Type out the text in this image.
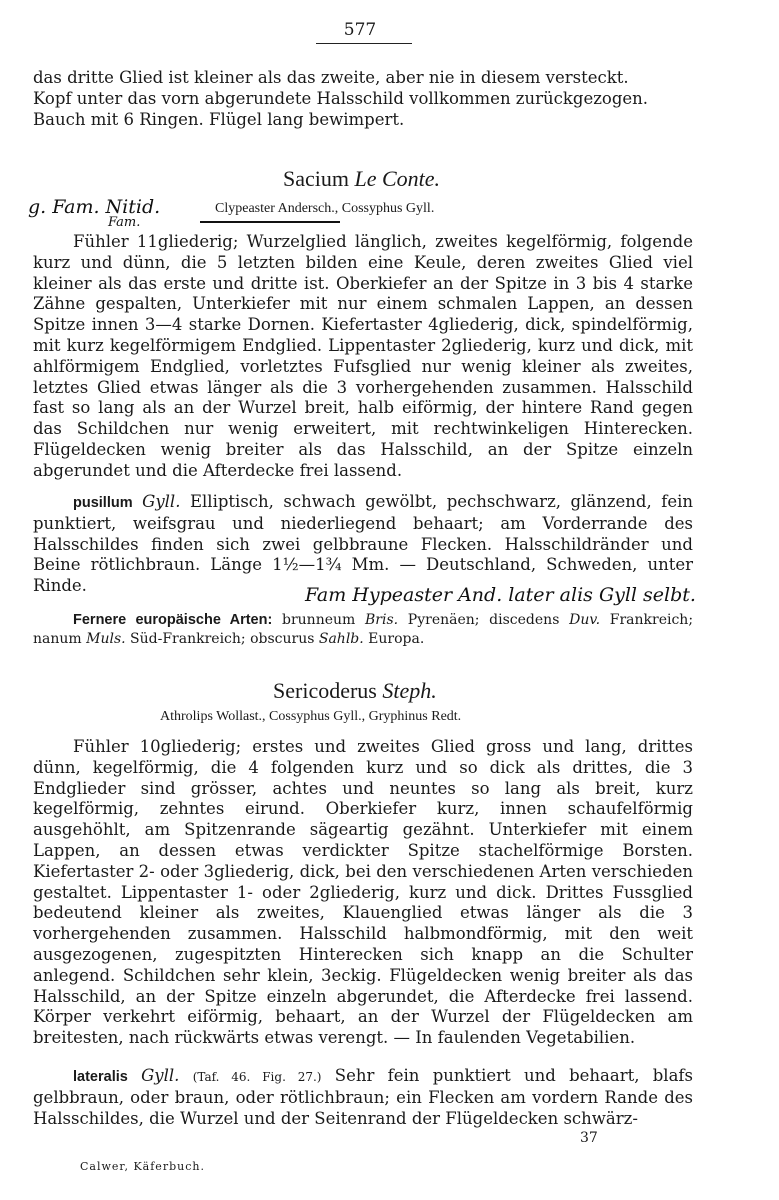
577

das dritte Glied ist kleiner als das zweite, aber nie in diesem versteckt.

Kopf unter das vorn abgerundete Halsschild vollkommen zurückgezogen.

Bauch mit 6 Ringen. Flügel lang bewimpert.

Sacium Le Conte.
g. Fam. Nitid.
Fam.
Clypeaster Andersch., Cossyphus Gyll.

Fühler 11gliederig; Wurzelglied länglich, zweites kegelförmig, folgende kurz und dünn, die 5 letzten bilden eine Keule, deren zweites Glied viel kleiner als das erste und dritte ist. Oberkiefer an der Spitze in 3 bis 4 starke Zähne gespalten, Unterkiefer mit nur einem schmalen Lappen, an dessen Spitze innen 3—4 starke Dornen. Kiefertaster 4gliederig, dick, spindelförmig, mit kurz kegelförmigem Endglied. Lippentaster 2gliederig, kurz und dick, mit ahlförmigem Endglied, vorletztes Fufsglied nur wenig kleiner als zweites, letztes Glied etwas länger als die 3 vorhergehenden zusammen. Halsschild fast so lang als an der Wurzel breit, halb eiförmig, der hintere Rand gegen das Schildchen nur wenig erweitert, mit rechtwinkeligen Hinterecken. Flügeldecken wenig breiter als das Halsschild, an der Spitze einzeln abgerundet und die Afterdecke frei lassend.

pusillum Gyll. Elliptisch, schwach gewölbt, pechschwarz, glänzend, fein punktiert, weifsgrau und niederliegend behaart; am Vorderrande des Halsschildes finden sich zwei gelbbraune Flecken. Halsschildränder und Beine rötlichbraun. Länge 1½—1¾ Mm. — Deutschland, Schweden, unter Rinde.	Fam Hypeaster And. later alis Gyll selbt.

Fernere europäische Arten: brunneum Bris. Pyrenäen; discedens Duv. Frankreich; nanum Muls. Süd-Frankreich; obscurus Sahlb. Europa.

Sericoderus Steph.
Athrolips Wollast., Cossyphus Gyll., Gryphinus Redt.

Fühler 10gliederig; erstes und zweites Glied gross und lang, drittes dünn, kegelförmig, die 4 folgenden kurz und so dick als drittes, die 3 Endglieder sind grösser, achtes und neuntes so lang als breit, kurz kegelförmig, zehntes eirund. Oberkiefer kurz, innen schaufelförmig ausgehöhlt, am Spitzenrande sägeartig gezähnt. Unterkiefer mit einem Lappen, an dessen etwas verdickter Spitze stachelförmige Borsten. Kiefertaster 2- oder 3gliederig, dick, bei den verschiedenen Arten verschieden gestaltet. Lippentaster 1- oder 2gliederig, kurz und dick. Drittes Fussglied bedeutend kleiner als zweites, Klauenglied etwas länger als die 3 vorhergehenden zusammen. Halsschild halbmondförmig, mit den weit ausgezogenen, zugespitzten Hinterecken sich knapp an die Schulter anlegend. Schildchen sehr klein, 3eckig. Flügeldecken wenig breiter als das Halsschild, an der Spitze einzeln abgerundet, die Afterdecke frei lassend. Körper verkehrt eiförmig, behaart, an der Wurzel der Flügeldecken am breitesten, nach rückwärts etwas verengt. — In faulenden Vegetabilien.

lateralis Gyll. (Taf. 46. Fig. 27.) Sehr fein punktiert und behaart, blafs gelbbraun, oder braun, oder rötlichbraun; ein Flecken am vordern Rande des Halsschildes, die Wurzel und der Seitenrand der Flügeldecken schwärz-

Calwer, Käferbuch.
37
